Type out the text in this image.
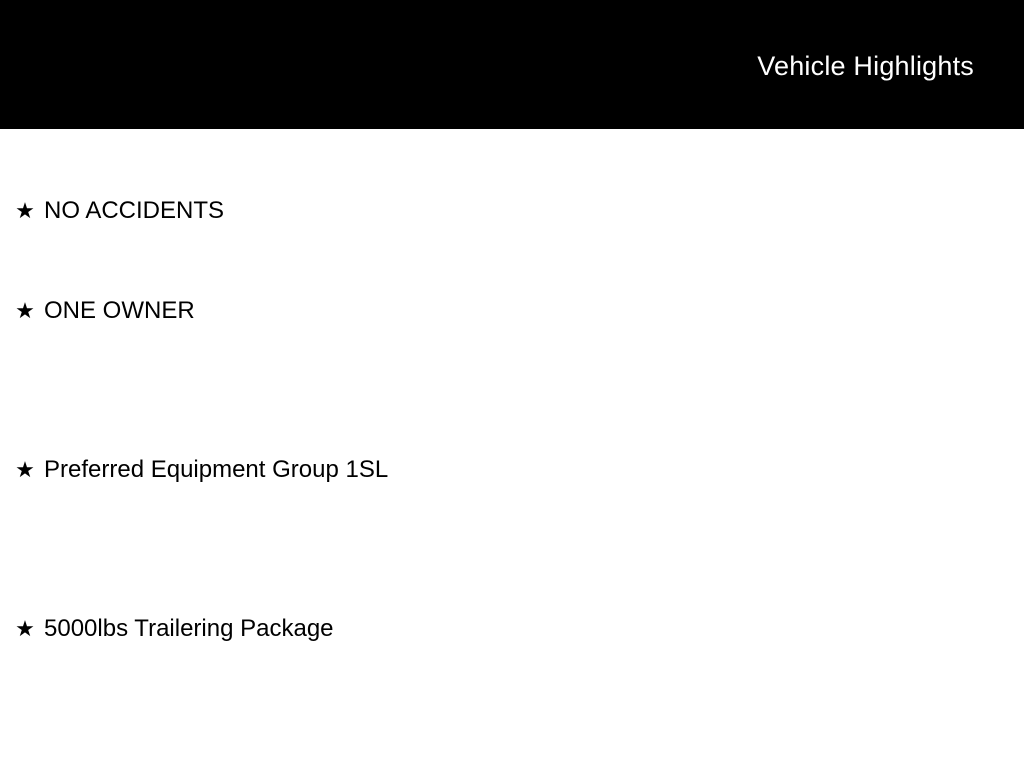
Vehicle Highlights
★ NO ACCIDENTS
★ ONE OWNER
★ Preferred Equipment Group 1SL
★ 5000lbs Trailering Package
